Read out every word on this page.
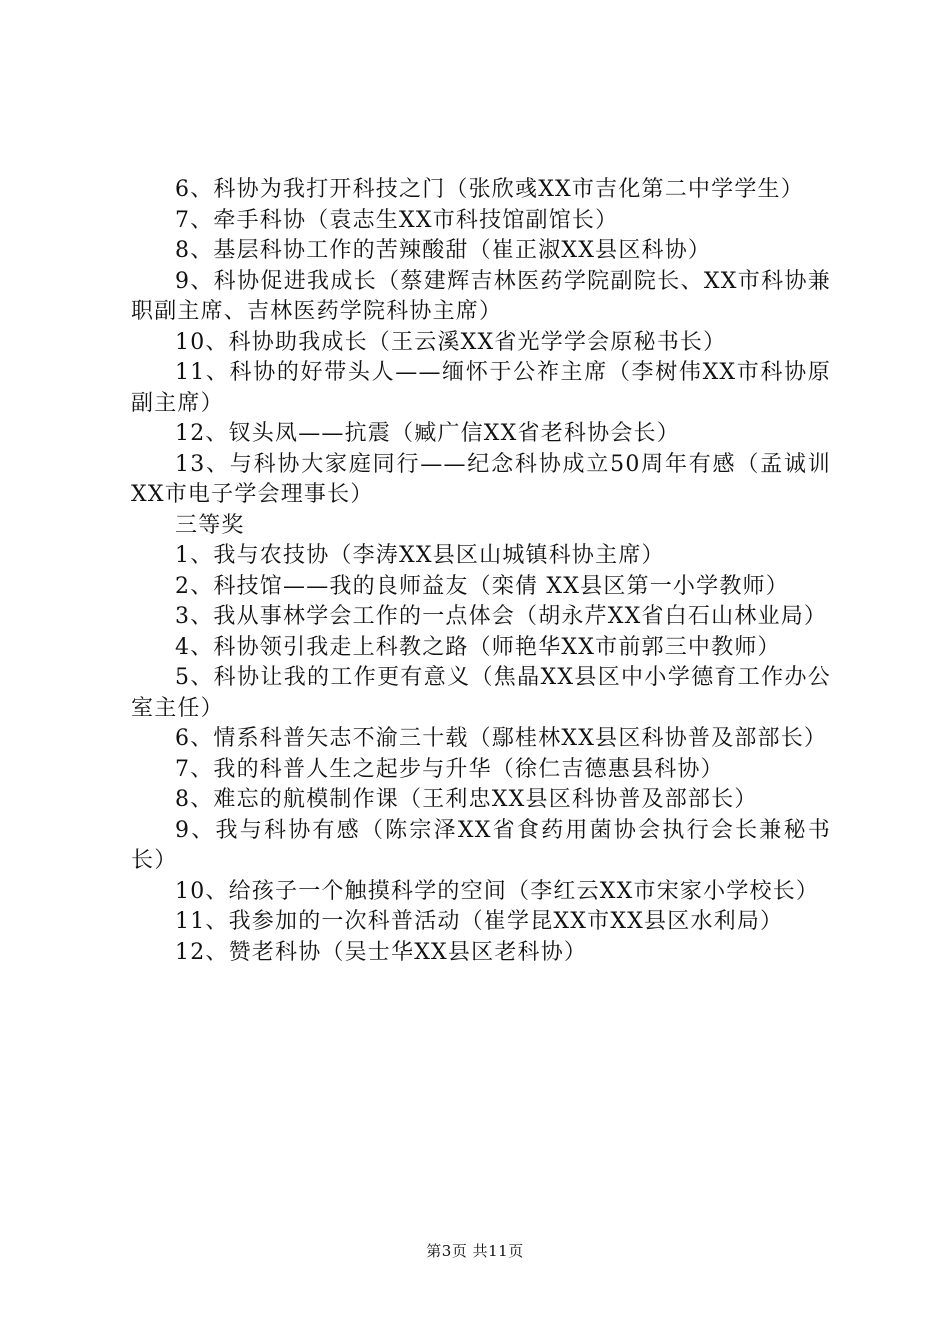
6、科协为我打开科技之门（张欣彧XX市吉化第二中学学生）

7、牵手科协（袁志生XX市科技馆副馆长）

8、基层科协工作的苦辣酸甜（崔正淑XX县区科协）

9、科协促进我成长（蔡建辉吉林医药学院副院长、XX市科协兼职副主席、吉林医药学院科协主席）

10、科协助我成长（王云溪XX省光学学会原秘书长）

11、科协的好带头人——缅怀于公祚主席（李树伟XX市科协原副主席）

12、钗头凤——抗震（臧广信XX省老科协会长）

13、与科协大家庭同行——纪念科协成立50周年有感（孟诚训XX市电子学会理事长）

三等奖

1、我与农技协（李涛XX县区山城镇科协主席）

2、科技馆——我的良师益友（栾倩 XX县区第一小学教师）

3、我从事林学会工作的一点体会（胡永芹XX省白石山林业局）

4、科协领引我走上科教之路（师艳华XX市前郭三中教师）

5、科协让我的工作更有意义（焦晶XX县区中小学德育工作办公室主任）

6、情系科普矢志不渝三十载（鄢桂林XX县区科协普及部部长）

7、我的科普人生之起步与升华（徐仁吉德惠县科协）

8、难忘的航模制作课（王利忠XX县区科协普及部部长）

9、我与科协有感（陈宗泽XX省食药用菌协会执行会长兼秘书长）

10、给孩子一个触摸科学的空间（李红云XX市宋家小学校长）

11、我参加的一次科普活动（崔学昆XX市XX县区水利局）

12、赞老科协（吴士华XX县区老科协）

第3页 共11页
